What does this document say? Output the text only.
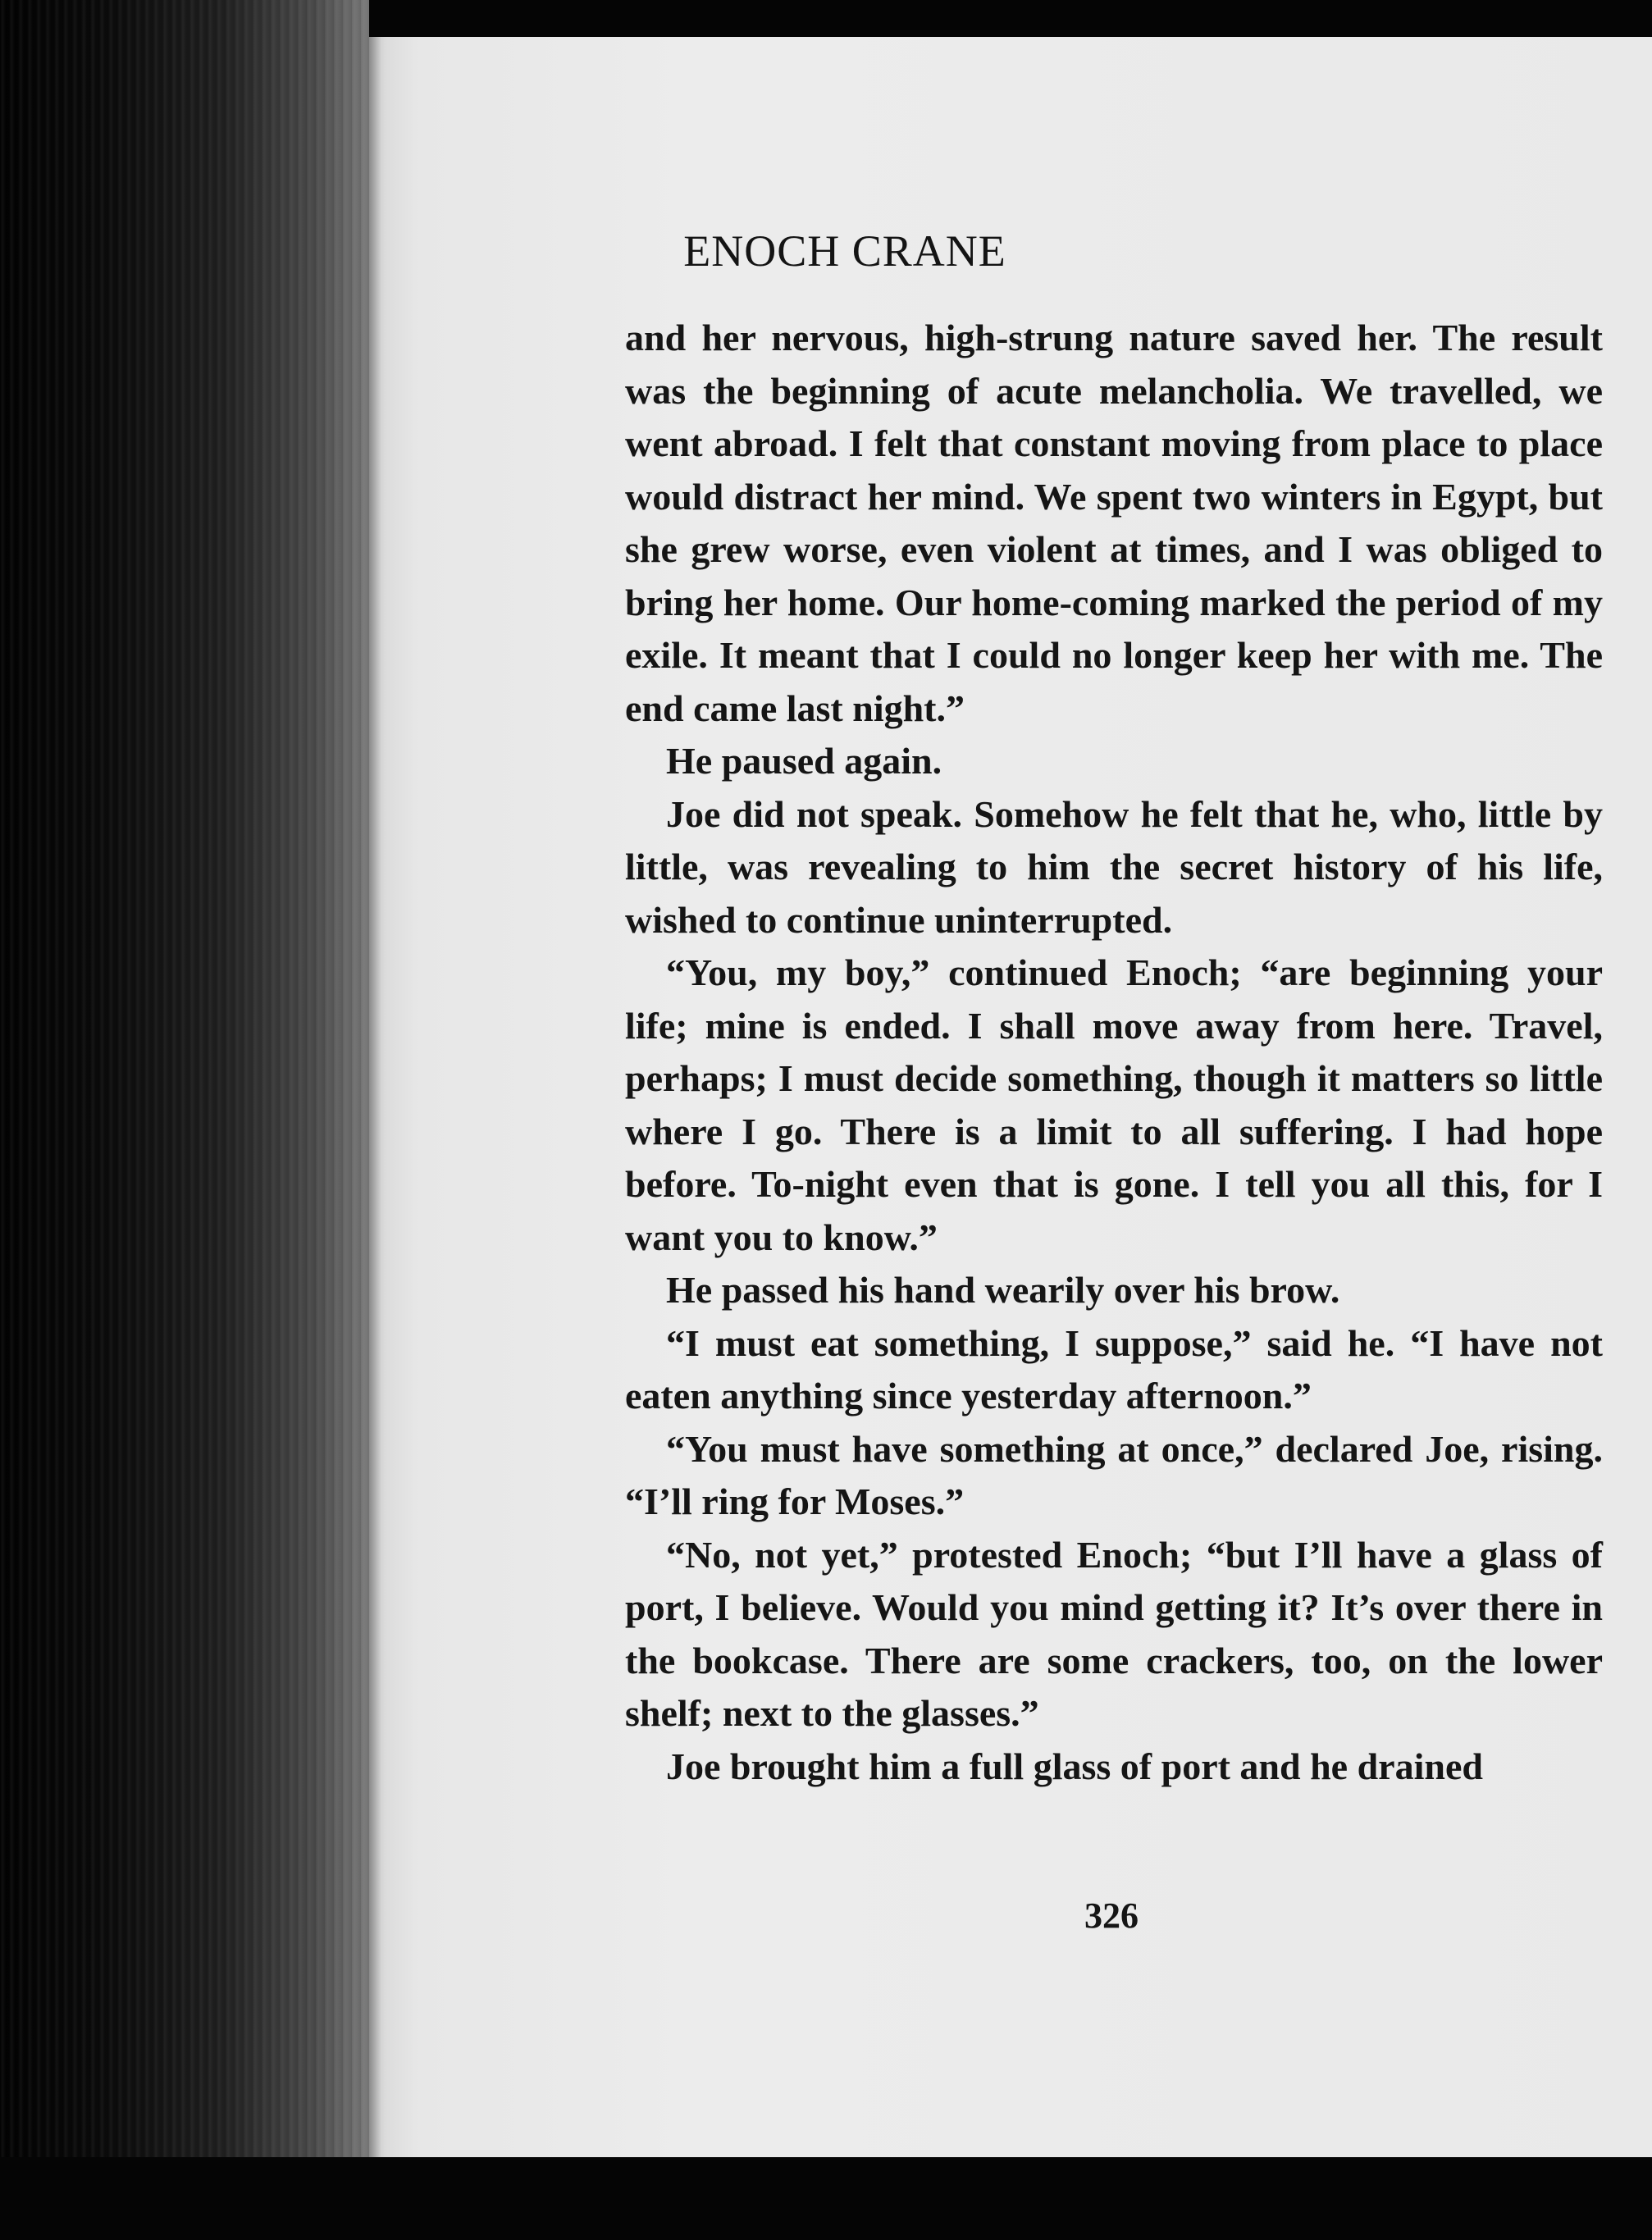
ENOCH CRANE

and her nervous, high-strung nature saved her. The result was the beginning of acute melancholia. We travelled, we went abroad. I felt that constant moving from place to place would distract her mind. We spent two winters in Egypt, but she grew worse, even violent at times, and I was obliged to bring her home. Our home-coming marked the period of my exile. It meant that I could no longer keep her with me. The end came last night.”

He paused again.

Joe did not speak. Somehow he felt that he, who, little by little, was revealing to him the secret history of his life, wished to continue uninterrupted.

“You, my boy,” continued Enoch; “are beginning your life; mine is ended. I shall move away from here. Travel, perhaps; I must decide something, though it matters so little where I go. There is a limit to all suffering. I had hope before. To-night even that is gone. I tell you all this, for I want you to know.”

He passed his hand wearily over his brow.

“I must eat something, I suppose,” said he. “I have not eaten anything since yesterday afternoon.”

“You must have something at once,” declared Joe, rising. “I’ll ring for Moses.”

“No, not yet,” protested Enoch; “but I’ll have a glass of port, I believe. Would you mind getting it? It’s over there in the bookcase. There are some crackers, too, on the lower shelf; next to the glasses.”

Joe brought him a full glass of port and he drained

326
